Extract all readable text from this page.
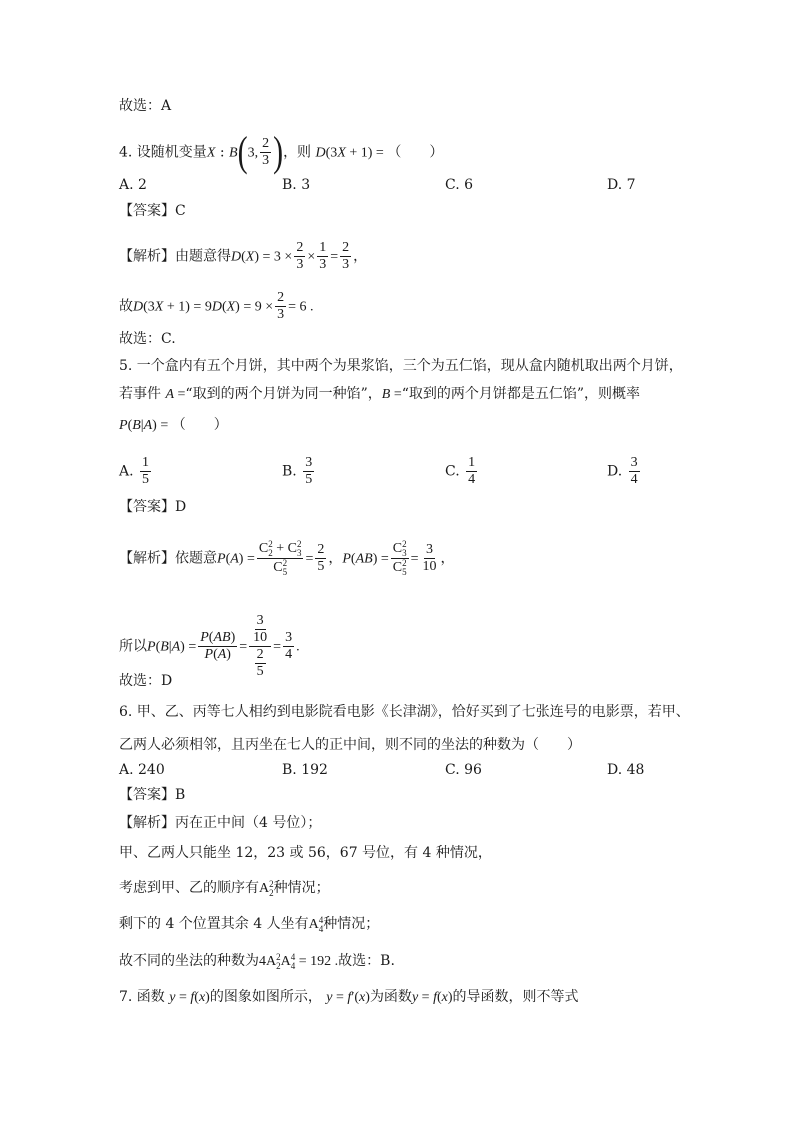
故选：A
4. 设随机变量X : B(3, $\frac{2}{3}$ )，则 D(3X + 1) = （　　）
A. 2	B. 3	C. 6	D. 7
【答案】C
【解析】由题意得$D(X) = 3 \times \frac{2}{3} \times \frac{1}{3} = \frac{2}{3}$ ，
故$D(3X + 1) = 9D(X) = 9 \times \frac{2}{3} = 6$ .
故选：C.
5. 一个盒内有五个月饼，其中两个为果浆馅，三个为五仁馅，现从盒内随机取出两个月饼，
若事件 A =“取到的两个月饼为同一种馅”，B =“取到的两个月饼都是五仁馅”，则概率
P(B|A) = （　　）
A. $\frac{1}{5}$	B. $\frac{3}{5}$	C. $\frac{1}{4}$	D. $\frac{3}{4}$
【答案】D
【解析】依题意P(A) = C 2
2 + C 2
3
C 2
$5 = \frac{2}{5}$ ，P(AB) = C 2
3
C 2
$5 = \frac{3}{10}$ ，
所以$P(B|A) = \frac{P(AB)}{P(A)} = \frac{\frac{3}{10}}{\frac{2}{5}} = \frac{3}{4}$ .
故选：D
6. 甲、乙、丙等七人相约到电影院看电影《长津湖》，恰好买到了七张连号的电影票，若甲、
乙两人必须相邻，且丙坐在七人的正中间，则不同的坐法的种数为（　　）
A. 240	B. 192	C. 96	D. 48
【答案】B
【解析】丙在正中间（4 号位）；
甲、乙两人只能坐 12，23 或 56，67 号位，有 4 种情况，
考虑到甲、乙的顺序有A 2
2 种情况；
剩下的 4 个位置其余 4 人坐有A 4
4 种情况；
故不同的坐法的种数为4A 2
2 A 4
4 = 192 .故选：B.
7. 函数 y = f(x)的图象如图所示， y = f′(x)为函数y = f(x)的导函数，则不等式
